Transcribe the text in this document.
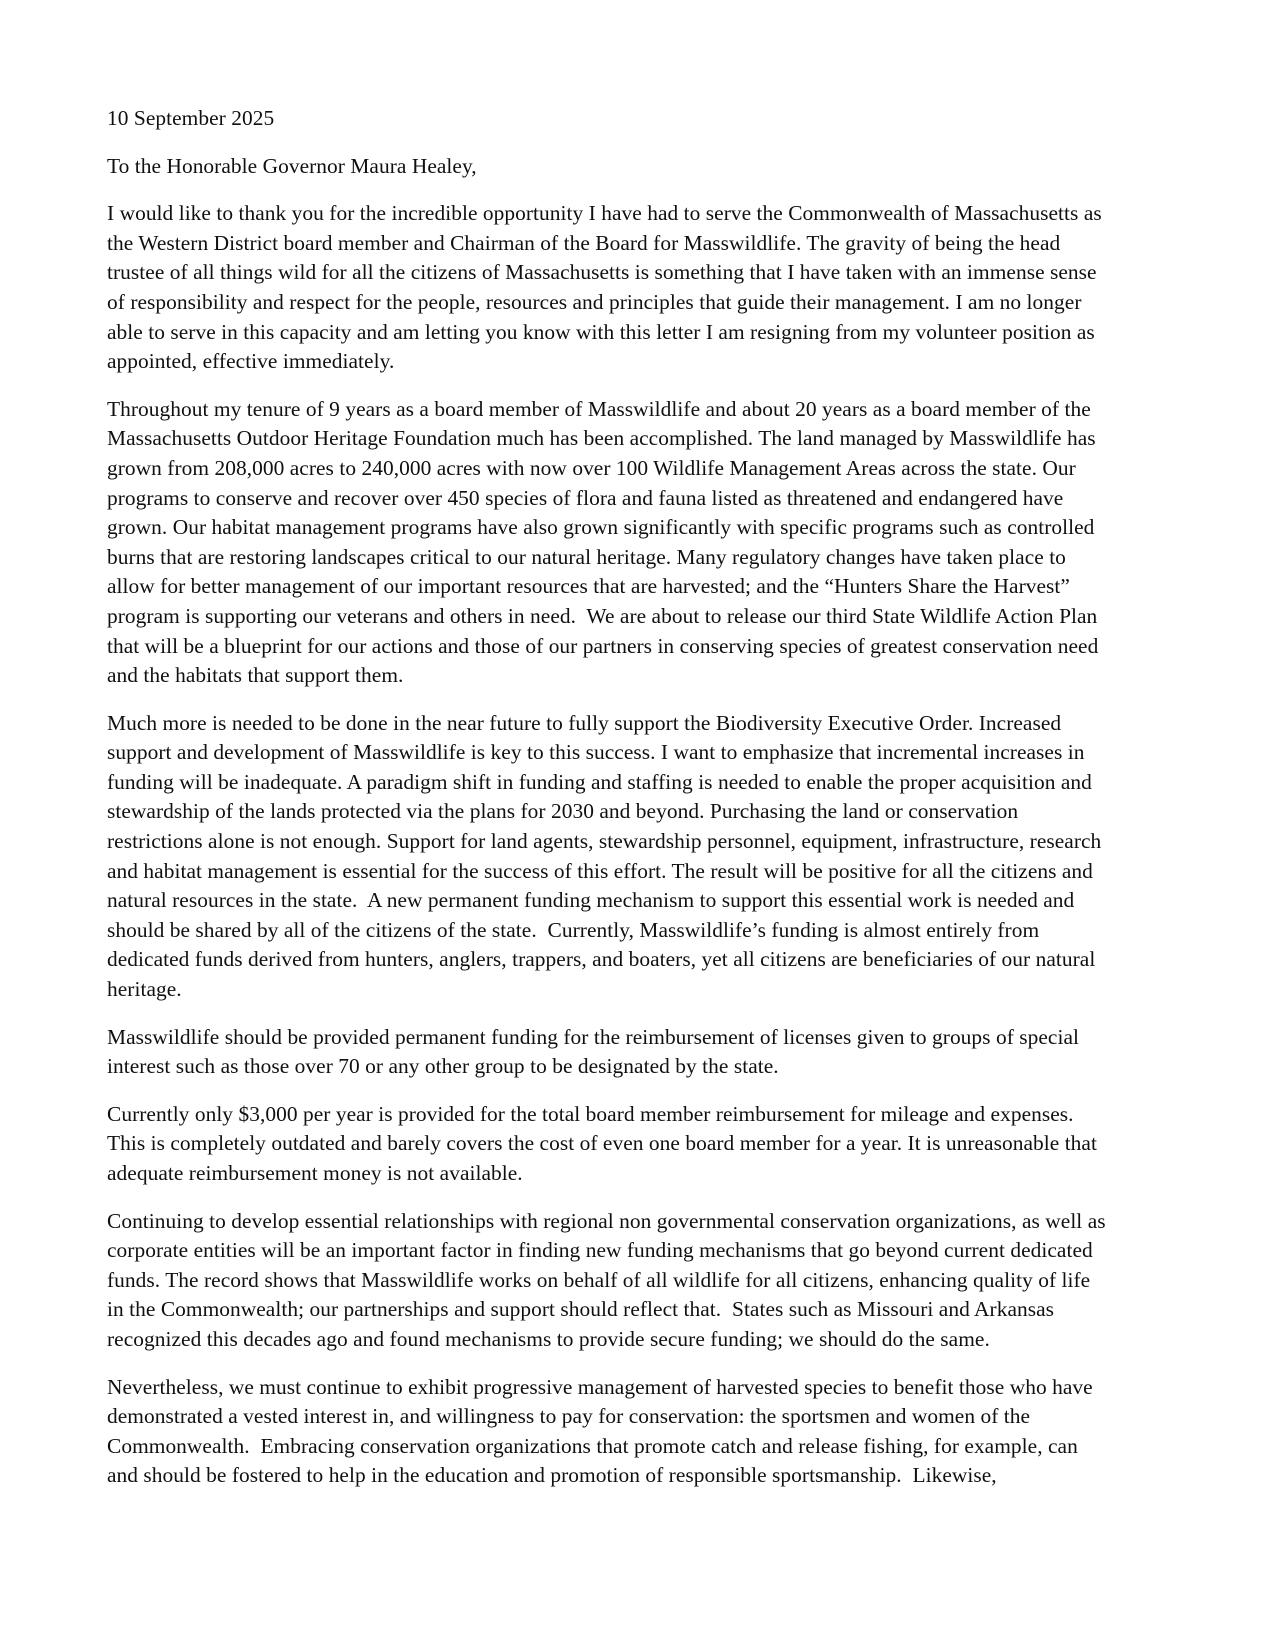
10 September 2025

To the Honorable Governor Maura Healey,

I would like to thank you for the incredible opportunity I have had to serve the Commonwealth of Massachusetts as the Western District board member and Chairman of the Board for Masswildlife. The gravity of being the head trustee of all things wild for all the citizens of Massachusetts is something that I have taken with an immense sense of responsibility and respect for the people, resources and principles that guide their management. I am no longer able to serve in this capacity and am letting you know with this letter I am resigning from my volunteer position as appointed, effective immediately.

Throughout my tenure of 9 years as a board member of Masswildlife and about 20 years as a board member of the Massachusetts Outdoor Heritage Foundation much has been accomplished. The land managed by Masswildlife has grown from 208,000 acres to 240,000 acres with now over 100 Wildlife Management Areas across the state. Our programs to conserve and recover over 450 species of flora and fauna listed as threatened and endangered have grown. Our habitat management programs have also grown significantly with specific programs such as controlled burns that are restoring landscapes critical to our natural heritage. Many regulatory changes have taken place to allow for better management of our important resources that are harvested; and the “Hunters Share the Harvest” program is supporting our veterans and others in need.  We are about to release our third State Wildlife Action Plan that will be a blueprint for our actions and those of our partners in conserving species of greatest conservation need and the habitats that support them.

Much more is needed to be done in the near future to fully support the Biodiversity Executive Order. Increased support and development of Masswildlife is key to this success. I want to emphasize that incremental increases in funding will be inadequate. A paradigm shift in funding and staffing is needed to enable the proper acquisition and stewardship of the lands protected via the plans for 2030 and beyond. Purchasing the land or conservation restrictions alone is not enough. Support for land agents, stewardship personnel, equipment, infrastructure, research and habitat management is essential for the success of this effort. The result will be positive for all the citizens and natural resources in the state.  A new permanent funding mechanism to support this essential work is needed and should be shared by all of the citizens of the state.  Currently, Masswildlife’s funding is almost entirely from dedicated funds derived from hunters, anglers, trappers, and boaters, yet all citizens are beneficiaries of our natural heritage.

Masswildlife should be provided permanent funding for the reimbursement of licenses given to groups of special interest such as those over 70 or any other group to be designated by the state.

Currently only $3,000 per year is provided for the total board member reimbursement for mileage and expenses. This is completely outdated and barely covers the cost of even one board member for a year. It is unreasonable that adequate reimbursement money is not available.

Continuing to develop essential relationships with regional non governmental conservation organizations, as well as corporate entities will be an important factor in finding new funding mechanisms that go beyond current dedicated funds. The record shows that Masswildlife works on behalf of all wildlife for all citizens, enhancing quality of life in the Commonwealth; our partnerships and support should reflect that.  States such as Missouri and Arkansas recognized this decades ago and found mechanisms to provide secure funding; we should do the same.

Nevertheless, we must continue to exhibit progressive management of harvested species to benefit those who have demonstrated a vested interest in, and willingness to pay for conservation: the sportsmen and women of the Commonwealth.  Embracing conservation organizations that promote catch and release fishing, for example, can and should be fostered to help in the education and promotion of responsible sportsmanship.  Likewise,
